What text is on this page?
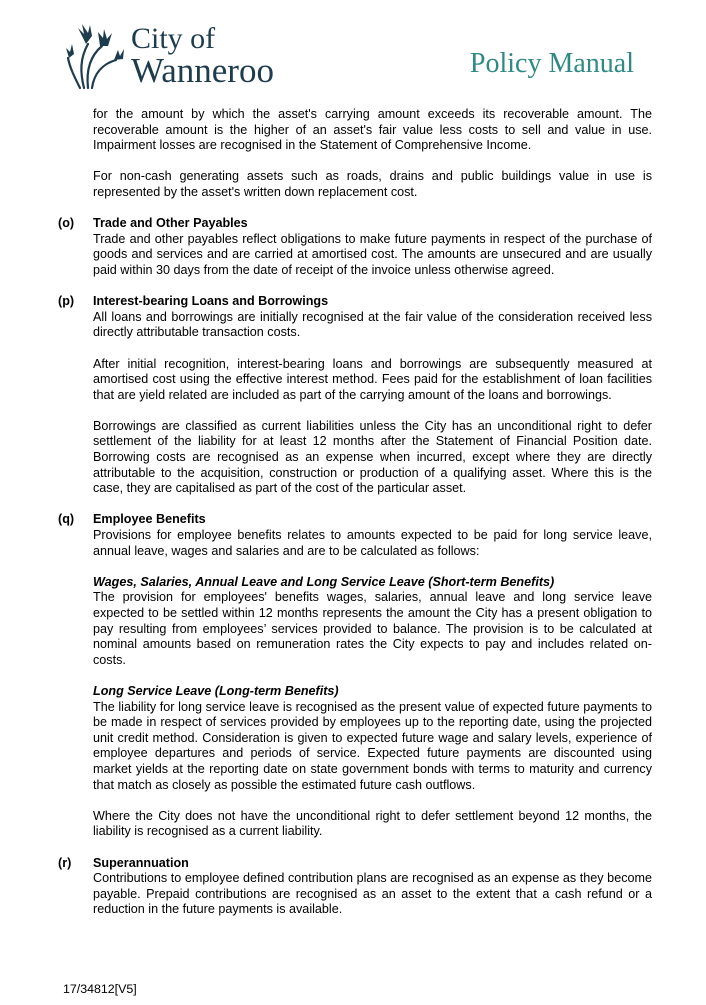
City of
Wanneroo	Policy Manual

for the amount by which the asset's carrying amount exceeds its recoverable amount. The recoverable amount is the higher of an asset's fair value less costs to sell and value in use. Impairment losses are recognised in the Statement of Comprehensive Income.

For non-cash generating assets such as roads, drains and public buildings value in use is represented by the asset's written down replacement cost.

(o) Trade and Other Payables

Trade and other payables reflect obligations to make future payments in respect of the purchase of goods and services and are carried at amortised cost. The amounts are unsecured and are usually paid within 30 days from the date of receipt of the invoice unless otherwise agreed.

(p) Interest-bearing Loans and Borrowings

All loans and borrowings are initially recognised at the fair value of the consideration received less directly attributable transaction costs.

After initial recognition, interest-bearing loans and borrowings are subsequently measured at amortised cost using the effective interest method. Fees paid for the establishment of loan facilities that are yield related are included as part of the carrying amount of the loans and borrowings.

Borrowings are classified as current liabilities unless the City has an unconditional right to defer settlement of the liability for at least 12 months after the Statement of Financial Position date. Borrowing costs are recognised as an expense when incurred, except where they are directly attributable to the acquisition, construction or production of a qualifying asset. Where this is the case, they are capitalised as part of the cost of the particular asset.

(q) Employee Benefits

Provisions for employee benefits relates to amounts expected to be paid for long service leave, annual leave, wages and salaries and are to be calculated as follows:

Wages, Salaries, Annual Leave and Long Service Leave (Short-term Benefits)

The provision for employees' benefits wages, salaries, annual leave and long service leave expected to be settled within 12 months represents the amount the City has a present obligation to pay resulting from employees’ services provided to balance. The provision is to be calculated at nominal amounts based on remuneration rates the City expects to pay and includes related on-costs.

Long Service Leave (Long-term Benefits)

The liability for long service leave is recognised as the present value of expected future payments to be made in respect of services provided by employees up to the reporting date, using the projected unit credit method. Consideration is given to expected future wage and salary levels, experience of employee departures and periods of service. Expected future payments are discounted using market yields at the reporting date on state government bonds with terms to maturity and currency that match as closely as possible the estimated future cash outflows.

Where the City does not have the unconditional right to defer settlement beyond 12 months, the liability is recognised as a current liability.

(r) Superannuation

Contributions to employee defined contribution plans are recognised as an expense as they become payable. Prepaid contributions are recognised as an asset to the extent that a cash refund or a reduction in the future payments is available.

17/34812[V5]
